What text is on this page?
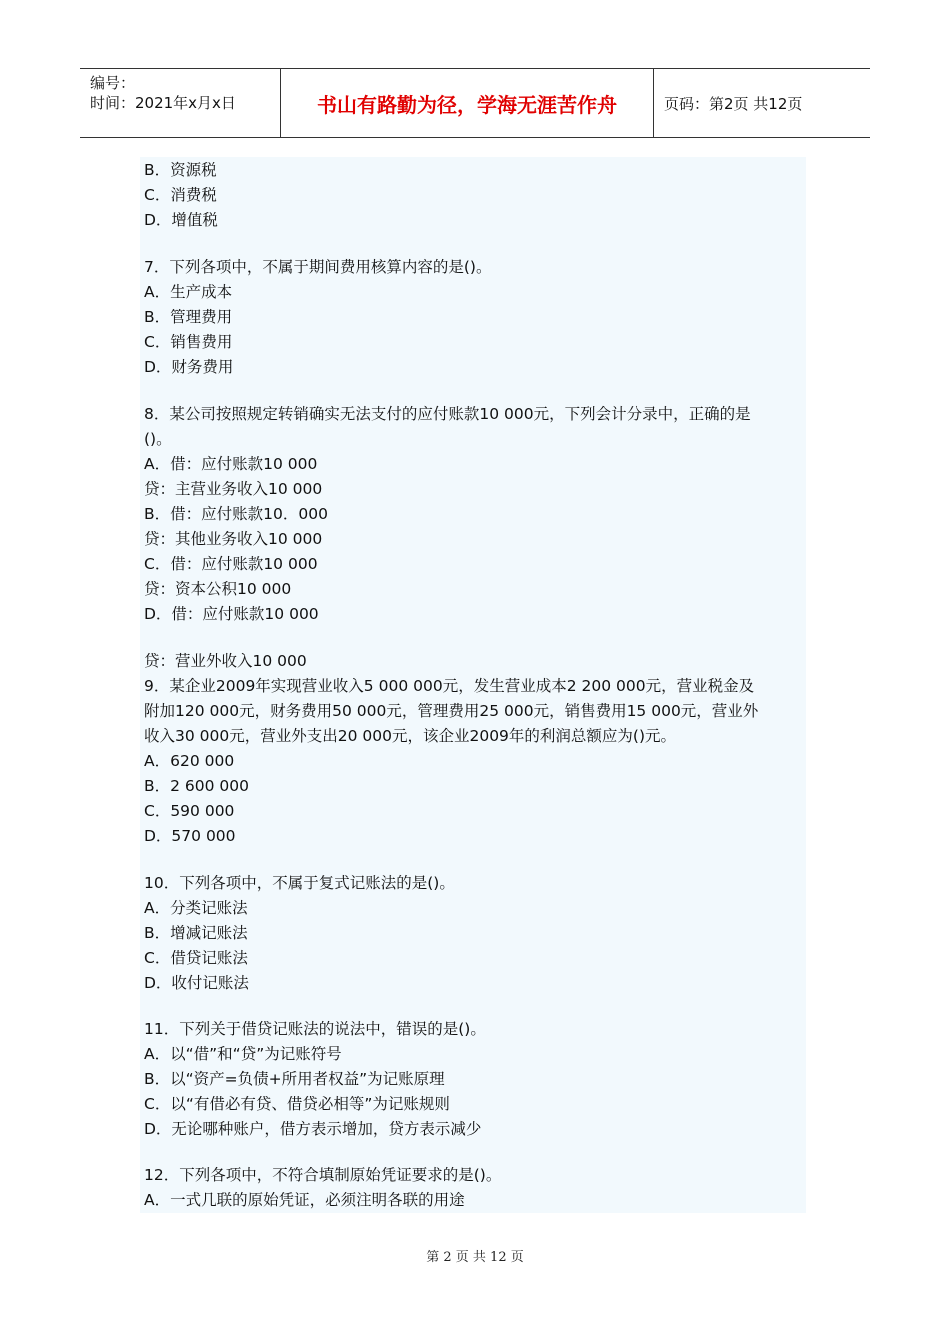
编号：
时间：2021年x月x日	书山有路勤为径，学海无涯苦作舟	页码：第2页 共12页
B．资源税
C．消费税
D．增值税
7．下列各项中，不属于期间费用核算内容的是()。
A．生产成本
B．管理费用
C．销售费用
D．财务费用
8．某公司按照规定转销确实无法支付的应付账款10 000元，下列会计分录中，正确的是
()。
A．借：应付账款10 000
贷：主营业务收入10 000
B．借：应付账款10．000
贷：其他业务收入10 000
C．借：应付账款10 000
贷：资本公积10 000
D．借：应付账款10 000
贷：营业外收入10 000
9．某企业2009年实现营业收入5 000 000元，发生营业成本2 200 000元，营业税金及
附加120 000元，财务费用50 000元，管理费用25 000元，销售费用15 000元，营业外
收入30 000元，营业外支出20 000元，该企业2009年的利润总额应为()元。
A．620 000
B．2 600 000
C．590 000
D．570 000
10．下列各项中，不属于复式记账法的是()。
A．分类记账法
B．增减记账法
C．借贷记账法
D．收付记账法
11．下列关于借贷记账法的说法中，错误的是()。
A．以“借”和“贷”为记账符号
B．以“资产=负债+所用者权益”为记账原理
C．以“有借必有贷、借贷必相等”为记账规则
D．无论哪种账户，借方表示增加，贷方表示减少
12．下列各项中，不符合填制原始凭证要求的是()。
A．一式几联的原始凭证，必须注明各联的用途
第 2 页 共 12 页
